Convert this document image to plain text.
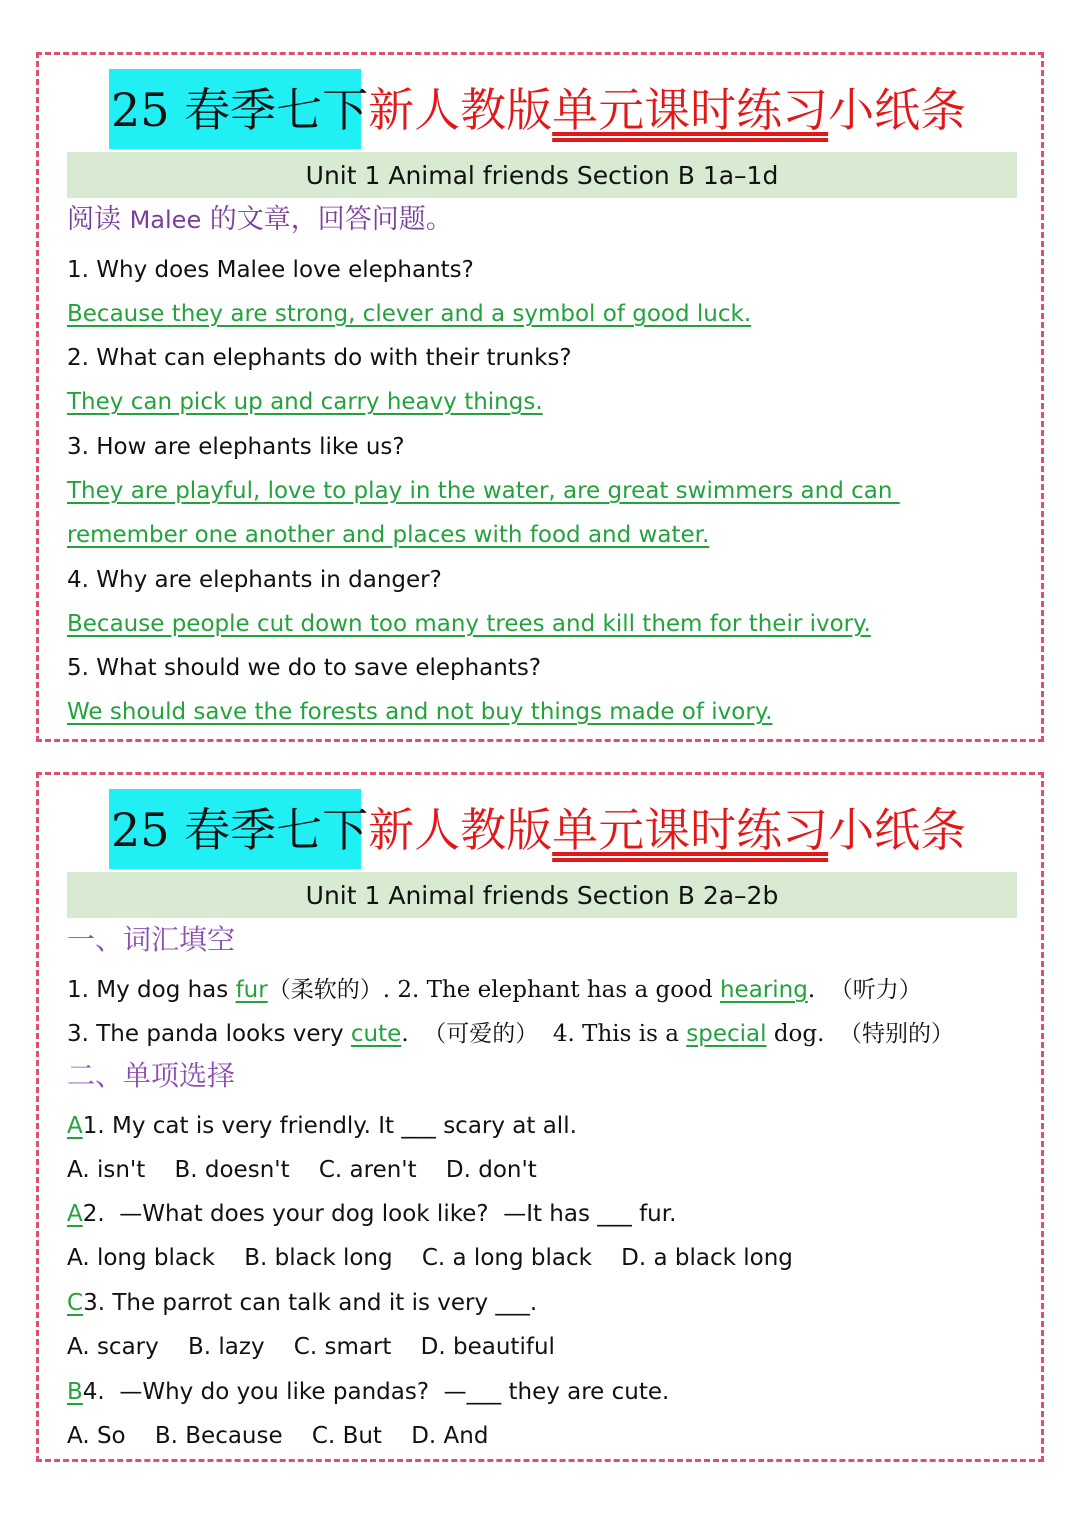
25 春季七下新人教版单元课时练习小纸条
Unit 1 Animal friends Section B 1a–1d
阅读 Malee 的文章，回答问题。
1. Why does Malee love elephants?
Because they are strong, clever and a symbol of good luck.
2. What can elephants do with their trunks?
They can pick up and carry heavy things.
3. How are elephants like us?
They are playful, love to play in the water, are great swimmers and can
remember one another and places with food and water.
4. Why are elephants in danger?
Because people cut down too many trees and kill them for their ivory.
5. What should we do to save elephants?
We should save the forests and not buy things made of ivory.
25 春季七下新人教版单元课时练习小纸条
Unit 1 Animal friends Section B 2a–2b
一、词汇填空
1. My dog has fur（柔软的）. 2. The elephant has a good hearing.  （听力）
3. The panda looks very cute.  （可爱的）  4. This is a special dog.  （特别的）
二、单项选择
A1. My cat is very friendly. It ___ scary at all.
A. isn't    B. doesn't    C. aren't    D. don't
A2.  —What does your dog look like?  —It has ___ fur.
A. long black    B. black long    C. a long black    D. a black long
C3. The parrot can talk and it is very ___.
A. scary    B. lazy    C. smart    D. beautiful
B4.  —Why do you like pandas?  —___ they are cute.
A. So    B. Because    C. But    D. And
